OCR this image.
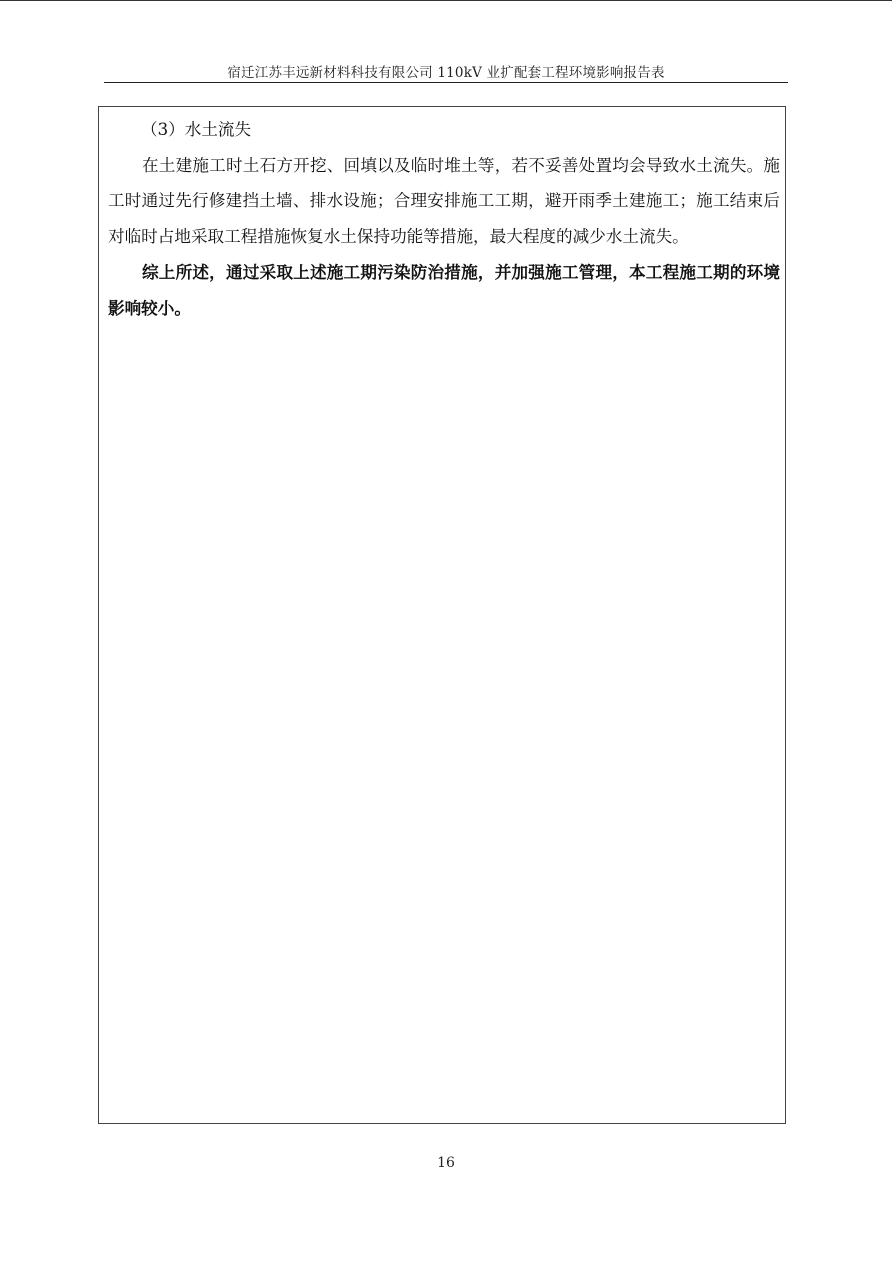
宿迁江苏丰远新材料科技有限公司 110kV 业扩配套工程环境影响报告表

（3）水土流失

在土建施工时土石方开挖、回填以及临时堆土等，若不妥善处置均会导致水土流失。施工时通过先行修建挡土墙、排水设施；合理安排施工工期，避开雨季土建施工；施工结束后对临时占地采取工程措施恢复水土保持功能等措施，最大程度的减少水土流失。

综上所述，通过采取上述施工期污染防治措施，并加强施工管理，本工程施工期的环境影响较小。

16
